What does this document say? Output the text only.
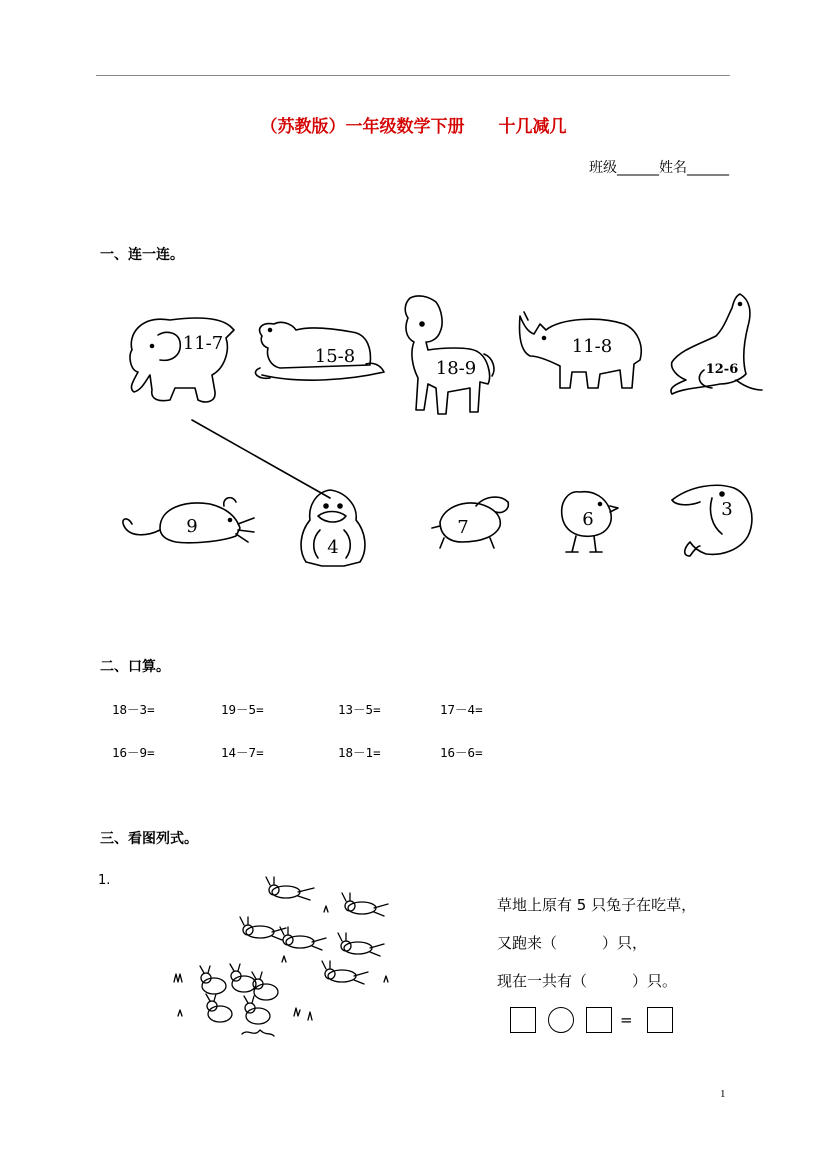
（苏教版）一年级数学下册　　十几减几
班级______姓名______
一、连一连。
11-7
15-8
18-9
11-8
12-6
9
4
7	6	3
二、口算。
18－3=	19－5=	13－5=	17－4=
16－9=	14－7=	18－1=	16－6=
三、看图列式。
1.
草地上原有 5 只兔子在吃草，
又跑来（　　　）只，
现在一共有（　　　）只。
=
1
